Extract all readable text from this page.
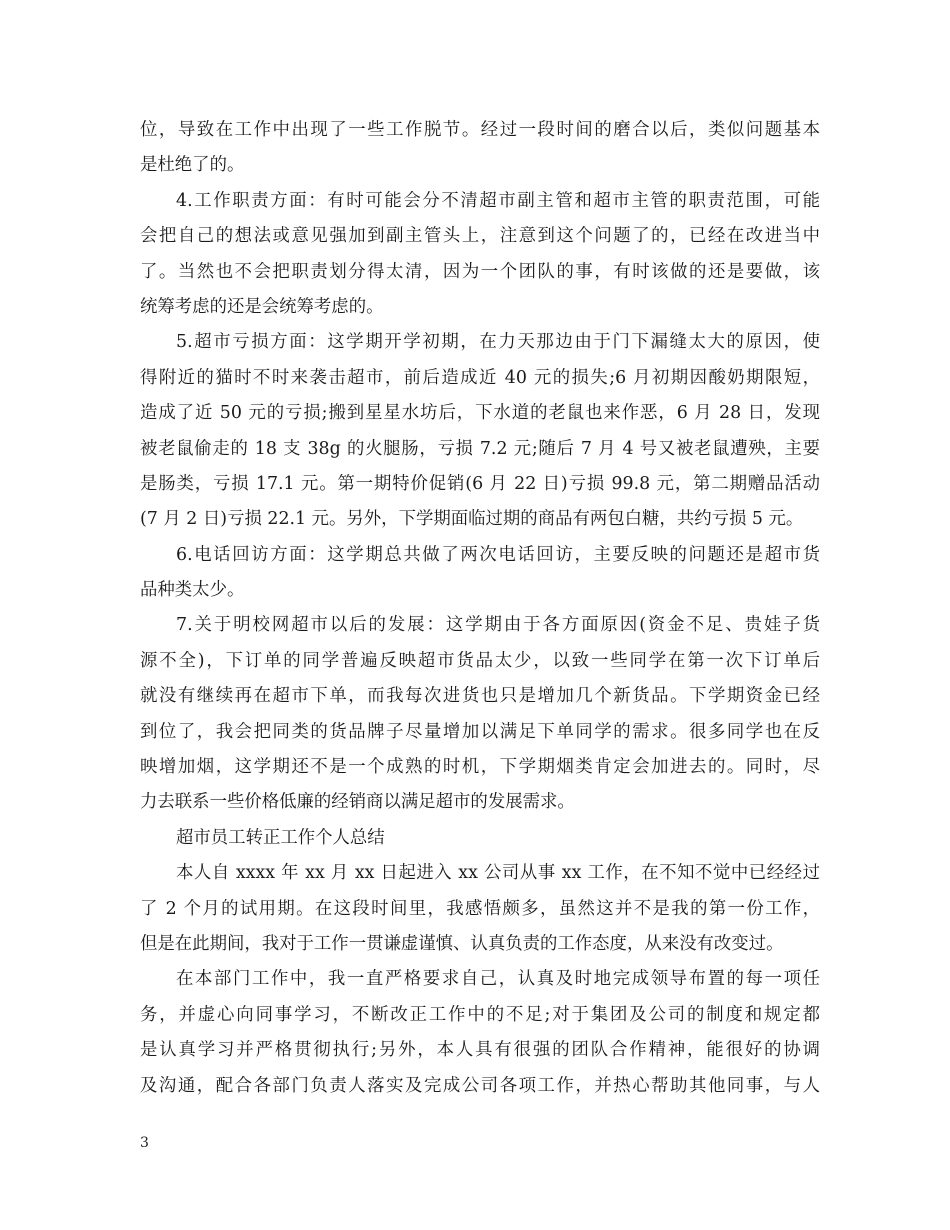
位，导致在工作中出现了一些工作脱节。经过一段时间的磨合以后，类似问题基本
是杜绝了的。
4.工作职责方面：有时可能会分不清超市副主管和超市主管的职责范围，可能
会把自己的想法或意见强加到副主管头上，注意到这个问题了的，已经在改进当中
了。当然也不会把职责划分得太清，因为一个团队的事，有时该做的还是要做，该
统筹考虑的还是会统筹考虑的。
5.超市亏损方面：这学期开学初期，在力天那边由于门下漏缝太大的原因，使
得附近的猫时不时来袭击超市，前后造成近 40 元的损失;6 月初期因酸奶期限短，
造成了近 50 元的亏损;搬到星星水坊后，下水道的老鼠也来作恶，6 月 28 日，发现
被老鼠偷走的 18 支 38g 的火腿肠，亏损 7.2 元;随后 7 月 4 号又被老鼠遭殃，主要
是肠类，亏损 17.1 元。第一期特价促销(6 月 22 日)亏损 99.8 元，第二期赠品活动
(7 月 2 日)亏损 22.1 元。另外，下学期面临过期的商品有两包白糖，共约亏损 5 元。
6.电话回访方面：这学期总共做了两次电话回访，主要反映的问题还是超市货
品种类太少。
7.关于明校网超市以后的发展：这学期由于各方面原因(资金不足、贵娃子货
源不全)，下订单的同学普遍反映超市货品太少，以致一些同学在第一次下订单后
就没有继续再在超市下单，而我每次进货也只是增加几个新货品。下学期资金已经
到位了，我会把同类的货品牌子尽量增加以满足下单同学的需求。很多同学也在反
映增加烟，这学期还不是一个成熟的时机，下学期烟类肯定会加进去的。同时，尽
力去联系一些价格低廉的经销商以满足超市的发展需求。
超市员工转正工作个人总结
本人自 xxxx 年 xx 月 xx 日起进入 xx 公司从事 xx 工作，在不知不觉中已经经过
了 2 个月的试用期。在这段时间里，我感悟颇多，虽然这并不是我的第一份工作，
但是在此期间，我对于工作一贯谦虚谨慎、认真负责的工作态度，从来没有改变过。
在本部门工作中，我一直严格要求自己，认真及时地完成领导布置的每一项任
务，并虚心向同事学习，不断改正工作中的不足;对于集团及公司的制度和规定都
是认真学习并严格贯彻执行;另外，本人具有很强的团队合作精神，能很好的协调
及沟通，配合各部门负责人落实及完成公司各项工作，并热心帮助其他同事，与人
3
